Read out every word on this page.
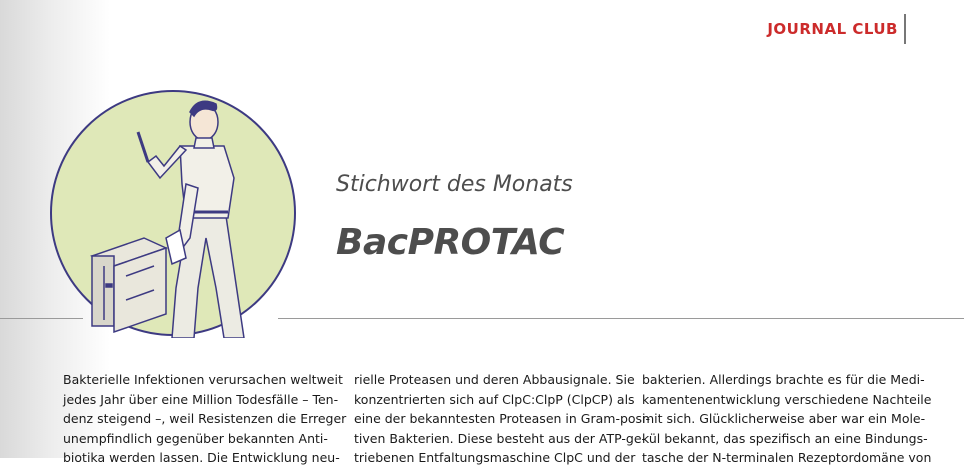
JOURNAL CLUB
Stichwort des Monats
BacPROTAC
Bakterielle Infektionen verursachen weltweit
jedes Jahr über eine Million Todesfälle – Ten-
denz steigend –, weil Resistenzen die Erreger
unempfindlich gegenüber bekannten Anti-
biotika werden lassen. Die Entwicklung neu-
rielle Proteasen und deren Abbausignale. Sie
konzentrierten sich auf ClpC:ClpP (ClpCP) als
eine der bekanntesten Proteasen in Gram-posi-
tiven Bakterien. Diese besteht aus der ATP-ge-
triebenen Entfaltungsmaschine ClpC und der
bakterien. Allerdings brachte es für die Medi-
kamentenentwicklung verschiedene Nachteile
mit sich. Glücklicherweise aber war ein Mole-
kül bekannt, das spezifisch an eine Bindungs-
tasche der N-terminalen Rezeptordomäne von
